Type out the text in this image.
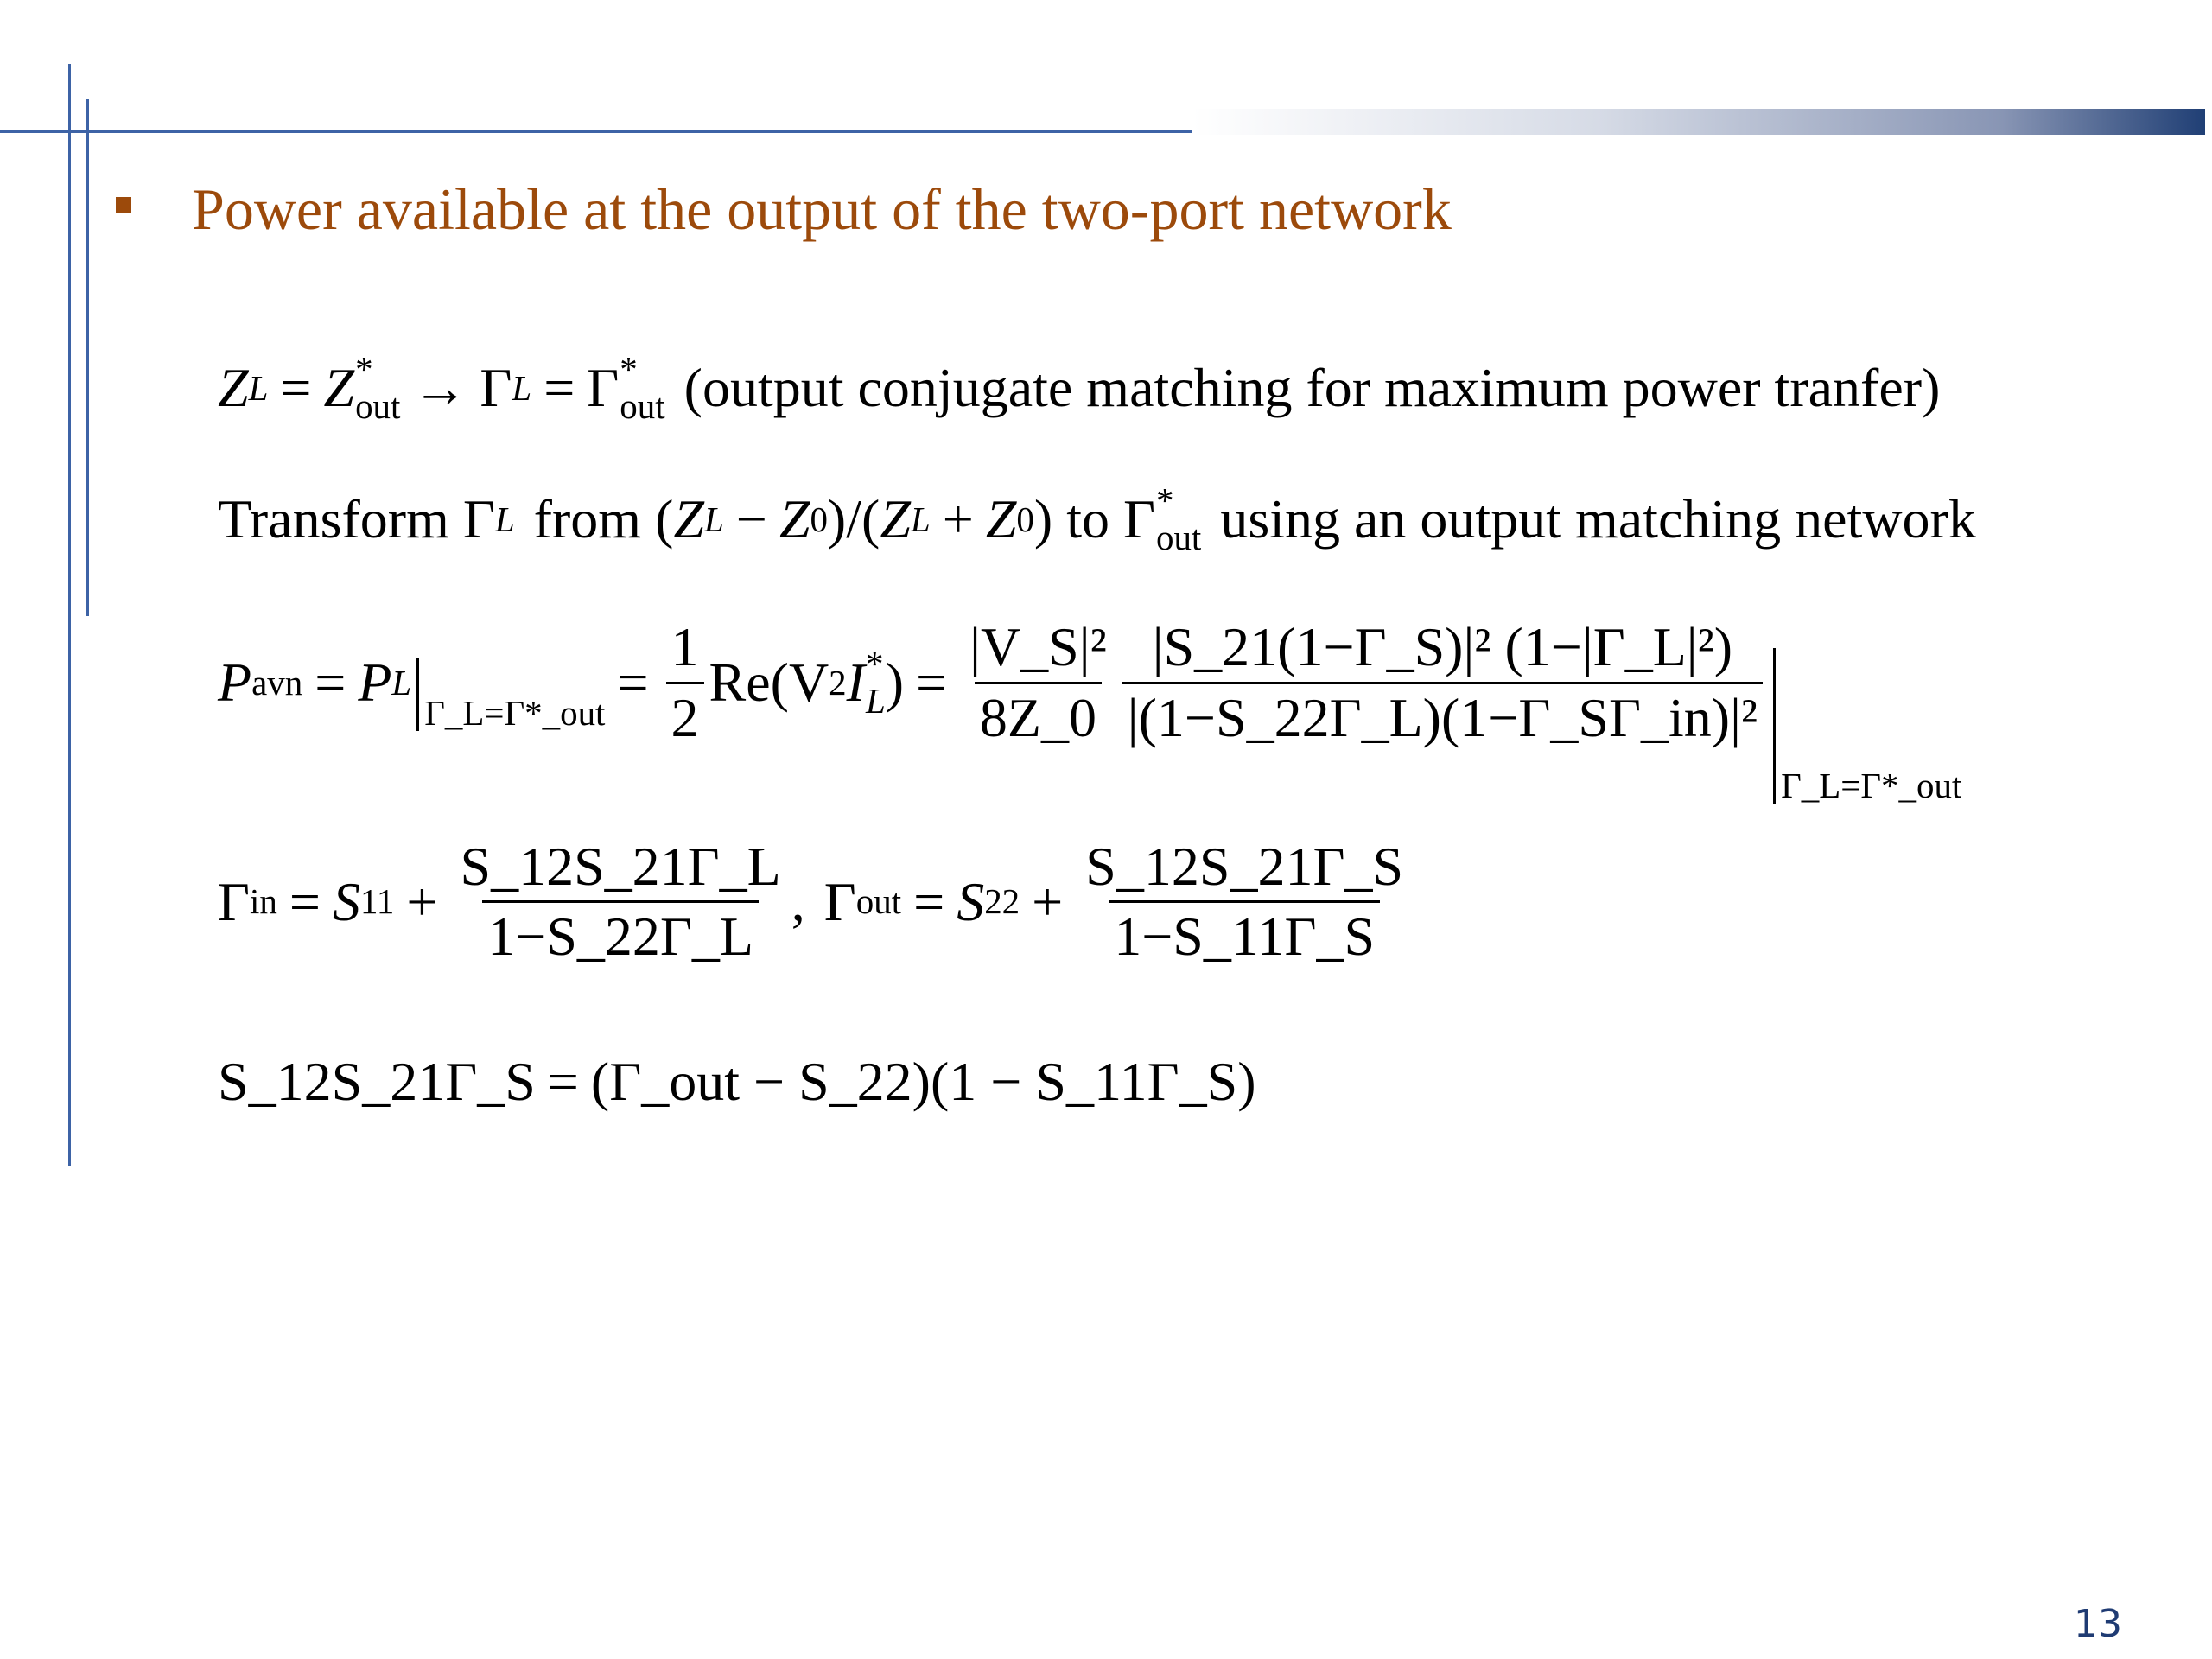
Power available at the output of the two-port network
Z L = Z *
out → Γ L = Γ *
out (output conjugate matching for maximum power tranfer)
Transform Γ L from ( Z L − Z 0 )/( Z L + Z 0 ) to Γ *
out using an output matching network
P avn = P L
Γ_L=Γ*_out
= $\frac{1}{2} Re(V$ 2 I *
L ) = $\frac{\text{|V\_S|²}}{8Z\_0} \frac{\text{|S\_21(1−Γ\_S)|² (1−|Γ\_L|²)}}{\text{|(1−S\_22Γ\_L)(1−Γ\_SΓ\_in)|²}}$
Γ_L=Γ*_out
Γ in = S $11 + \frac{S\_12S\_21\Gamma\_L}{1-S\_22\Gamma\_L}$ , Γ out = S $22 + \frac{S\_12S\_21\Gamma\_S}{1-S\_11\Gamma\_S}$
S_12S_21Γ_S = (Γ_out − S_22)(1 − S_11Γ_S)
13
